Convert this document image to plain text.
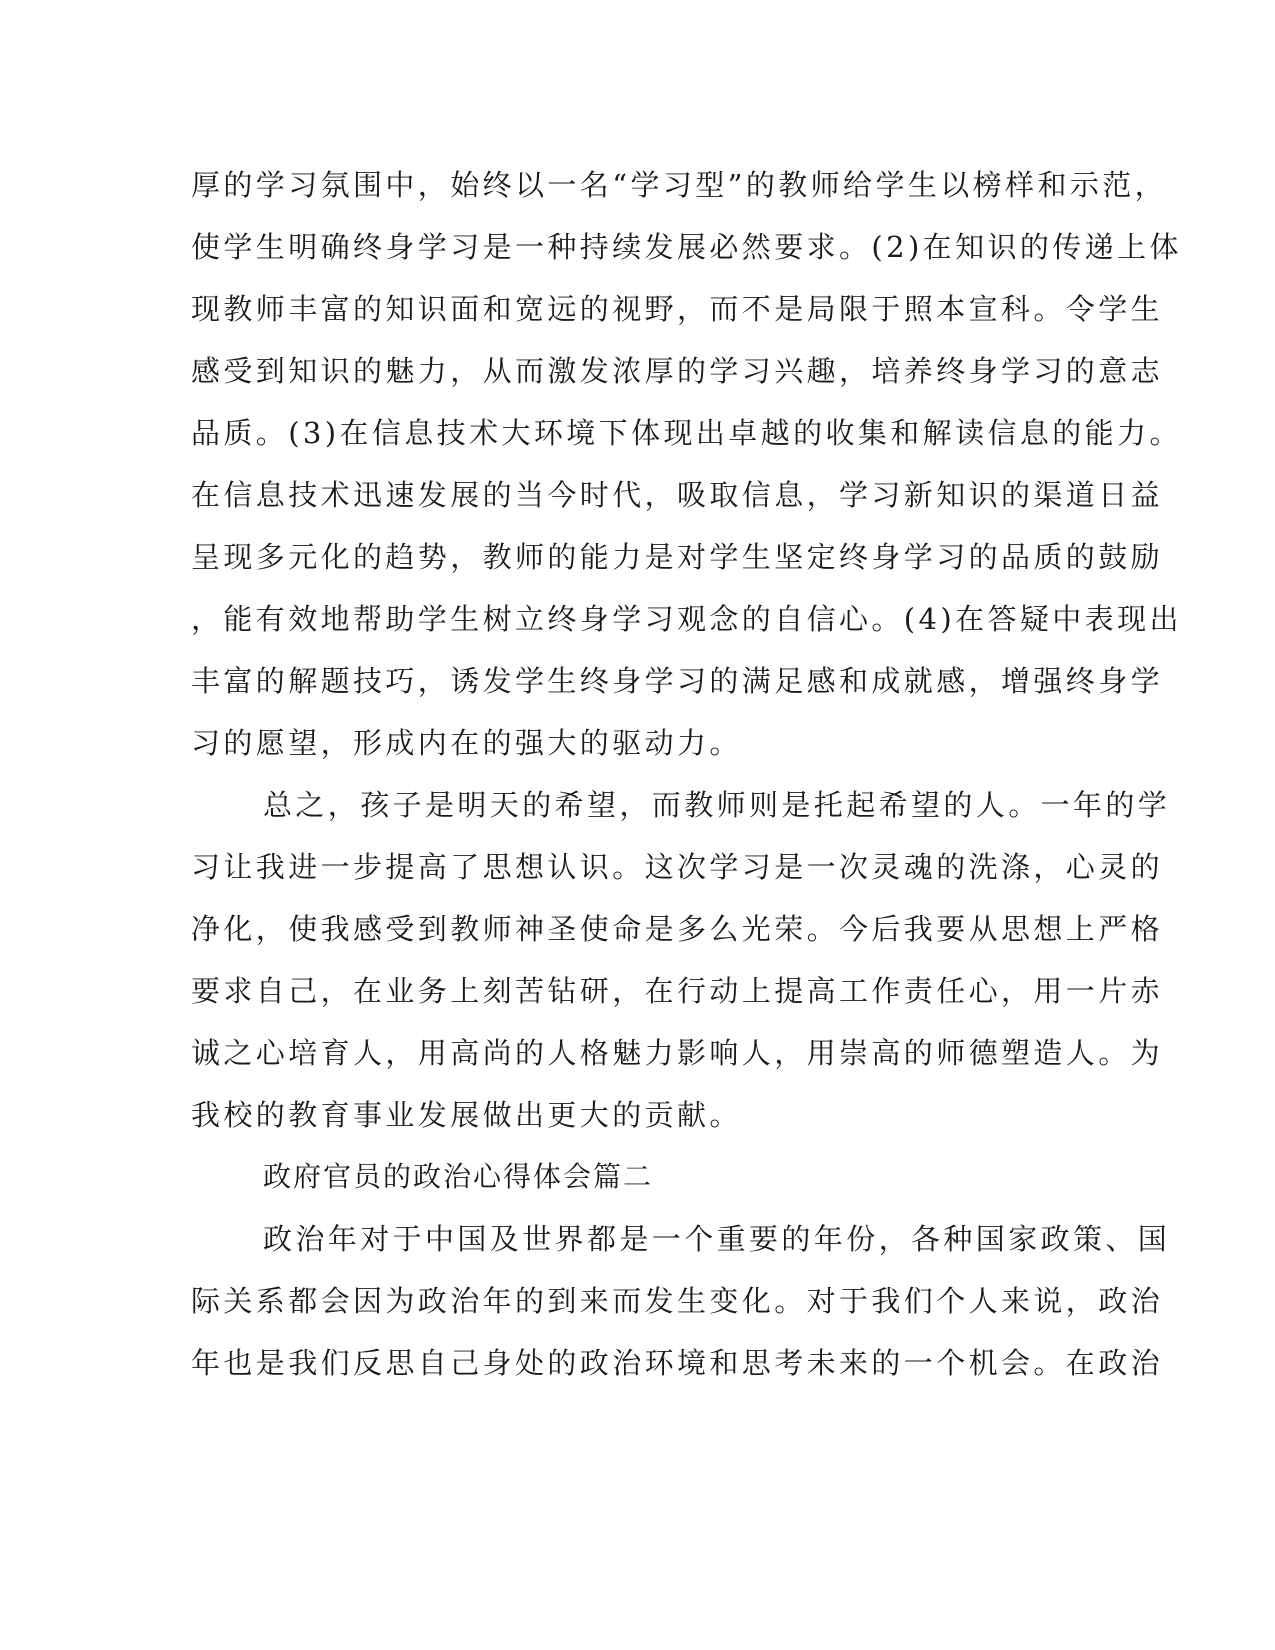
厚的学习氛围中，始终以一名“学习型”的教师给学生以榜样和示范，
使学生明确终身学习是一种持续发展必然要求。(2)在知识的传递上体
现教师丰富的知识面和宽远的视野，而不是局限于照本宣科。令学生
感受到知识的魅力，从而激发浓厚的学习兴趣，培养终身学习的意志
品质。(3)在信息技术大环境下体现出卓越的收集和解读信息的能力。
在信息技术迅速发展的当今时代，吸取信息，学习新知识的渠道日益
呈现多元化的趋势，教师的能力是对学生坚定终身学习的品质的鼓励
，能有效地帮助学生树立终身学习观念的自信心。(4)在答疑中表现出
丰富的解题技巧，诱发学生终身学习的满足感和成就感，增强终身学
习的愿望，形成内在的强大的驱动力。
总之，孩子是明天的希望，而教师则是托起希望的人。一年的学
习让我进一步提高了思想认识。这次学习是一次灵魂的洗涤，心灵的
净化，使我感受到教师神圣使命是多么光荣。今后我要从思想上严格
要求自己，在业务上刻苦钻研，在行动上提高工作责任心，用一片赤
诚之心培育人，用高尚的人格魅力影响人，用崇高的师德塑造人。为
我校的教育事业发展做出更大的贡献。
政府官员的政治心得体会篇二
政治年对于中国及世界都是一个重要的年份，各种国家政策、国
际关系都会因为政治年的到来而发生变化。对于我们个人来说，政治
年也是我们反思自己身处的政治环境和思考未来的一个机会。在政治
